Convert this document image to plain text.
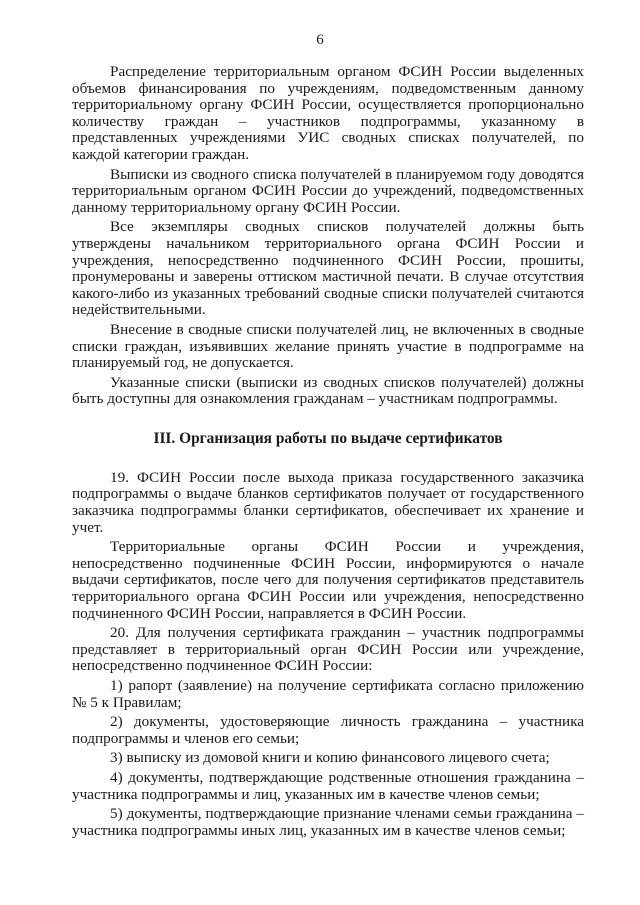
6

Распределение территориальным органом ФСИН России выделенных объемов финансирования по учреждениям, подведомственным данному территориальному органу ФСИН России, осуществляется пропорционально количеству граждан – участников подпрограммы, указанному в представленных учреждениями УИС сводных списках получателей, по каждой категории граждан.

Выписки из сводного списка получателей в планируемом году доводятся территориальным органом ФСИН России до учреждений, подведомственных данному территориальному органу ФСИН России.

Все экземпляры сводных списков получателей должны быть утверждены начальником территориального органа ФСИН России и учреждения, непосредственно подчиненного ФСИН России, прошиты, пронумерованы и заверены оттиском мастичной печати. В случае отсутствия какого-либо из указанных требований сводные списки получателей считаются недействительными.

Внесение в сводные списки получателей лиц, не включенных в сводные списки граждан, изъявивших желание принять участие в подпрограмме на планируемый год, не допускается.

Указанные списки (выписки из сводных списков получателей) должны быть доступны для ознакомления гражданам – участникам подпрограммы.

III. Организация работы по выдаче сертификатов

19. ФСИН России после выхода приказа государственного заказчика подпрограммы о выдаче бланков сертификатов получает от государственного заказчика подпрограммы бланки сертификатов, обеспечивает их хранение и учет.

Территориальные органы ФСИН России и учреждения, непосредственно подчиненные ФСИН России, информируются о начале выдачи сертификатов, после чего для получения сертификатов представитель территориального органа ФСИН России или учреждения, непосредственно подчиненного ФСИН России, направляется в ФСИН России.

20. Для получения сертификата гражданин – участник подпрограммы представляет в территориальный орган ФСИН России или учреждение, непосредственно подчиненное ФСИН России:

1) рапорт (заявление) на получение сертификата согласно приложению № 5 к Правилам;

2) документы, удостоверяющие личность гражданина – участника подпрограммы и членов его семьи;

3) выписку из домовой книги и копию финансового лицевого счета;

4) документы, подтверждающие родственные отношения гражданина – участника подпрограммы и лиц, указанных им в качестве членов семьи;

5) документы, подтверждающие признание членами семьи гражданина – участника подпрограммы иных лиц, указанных им в качестве членов семьи;
